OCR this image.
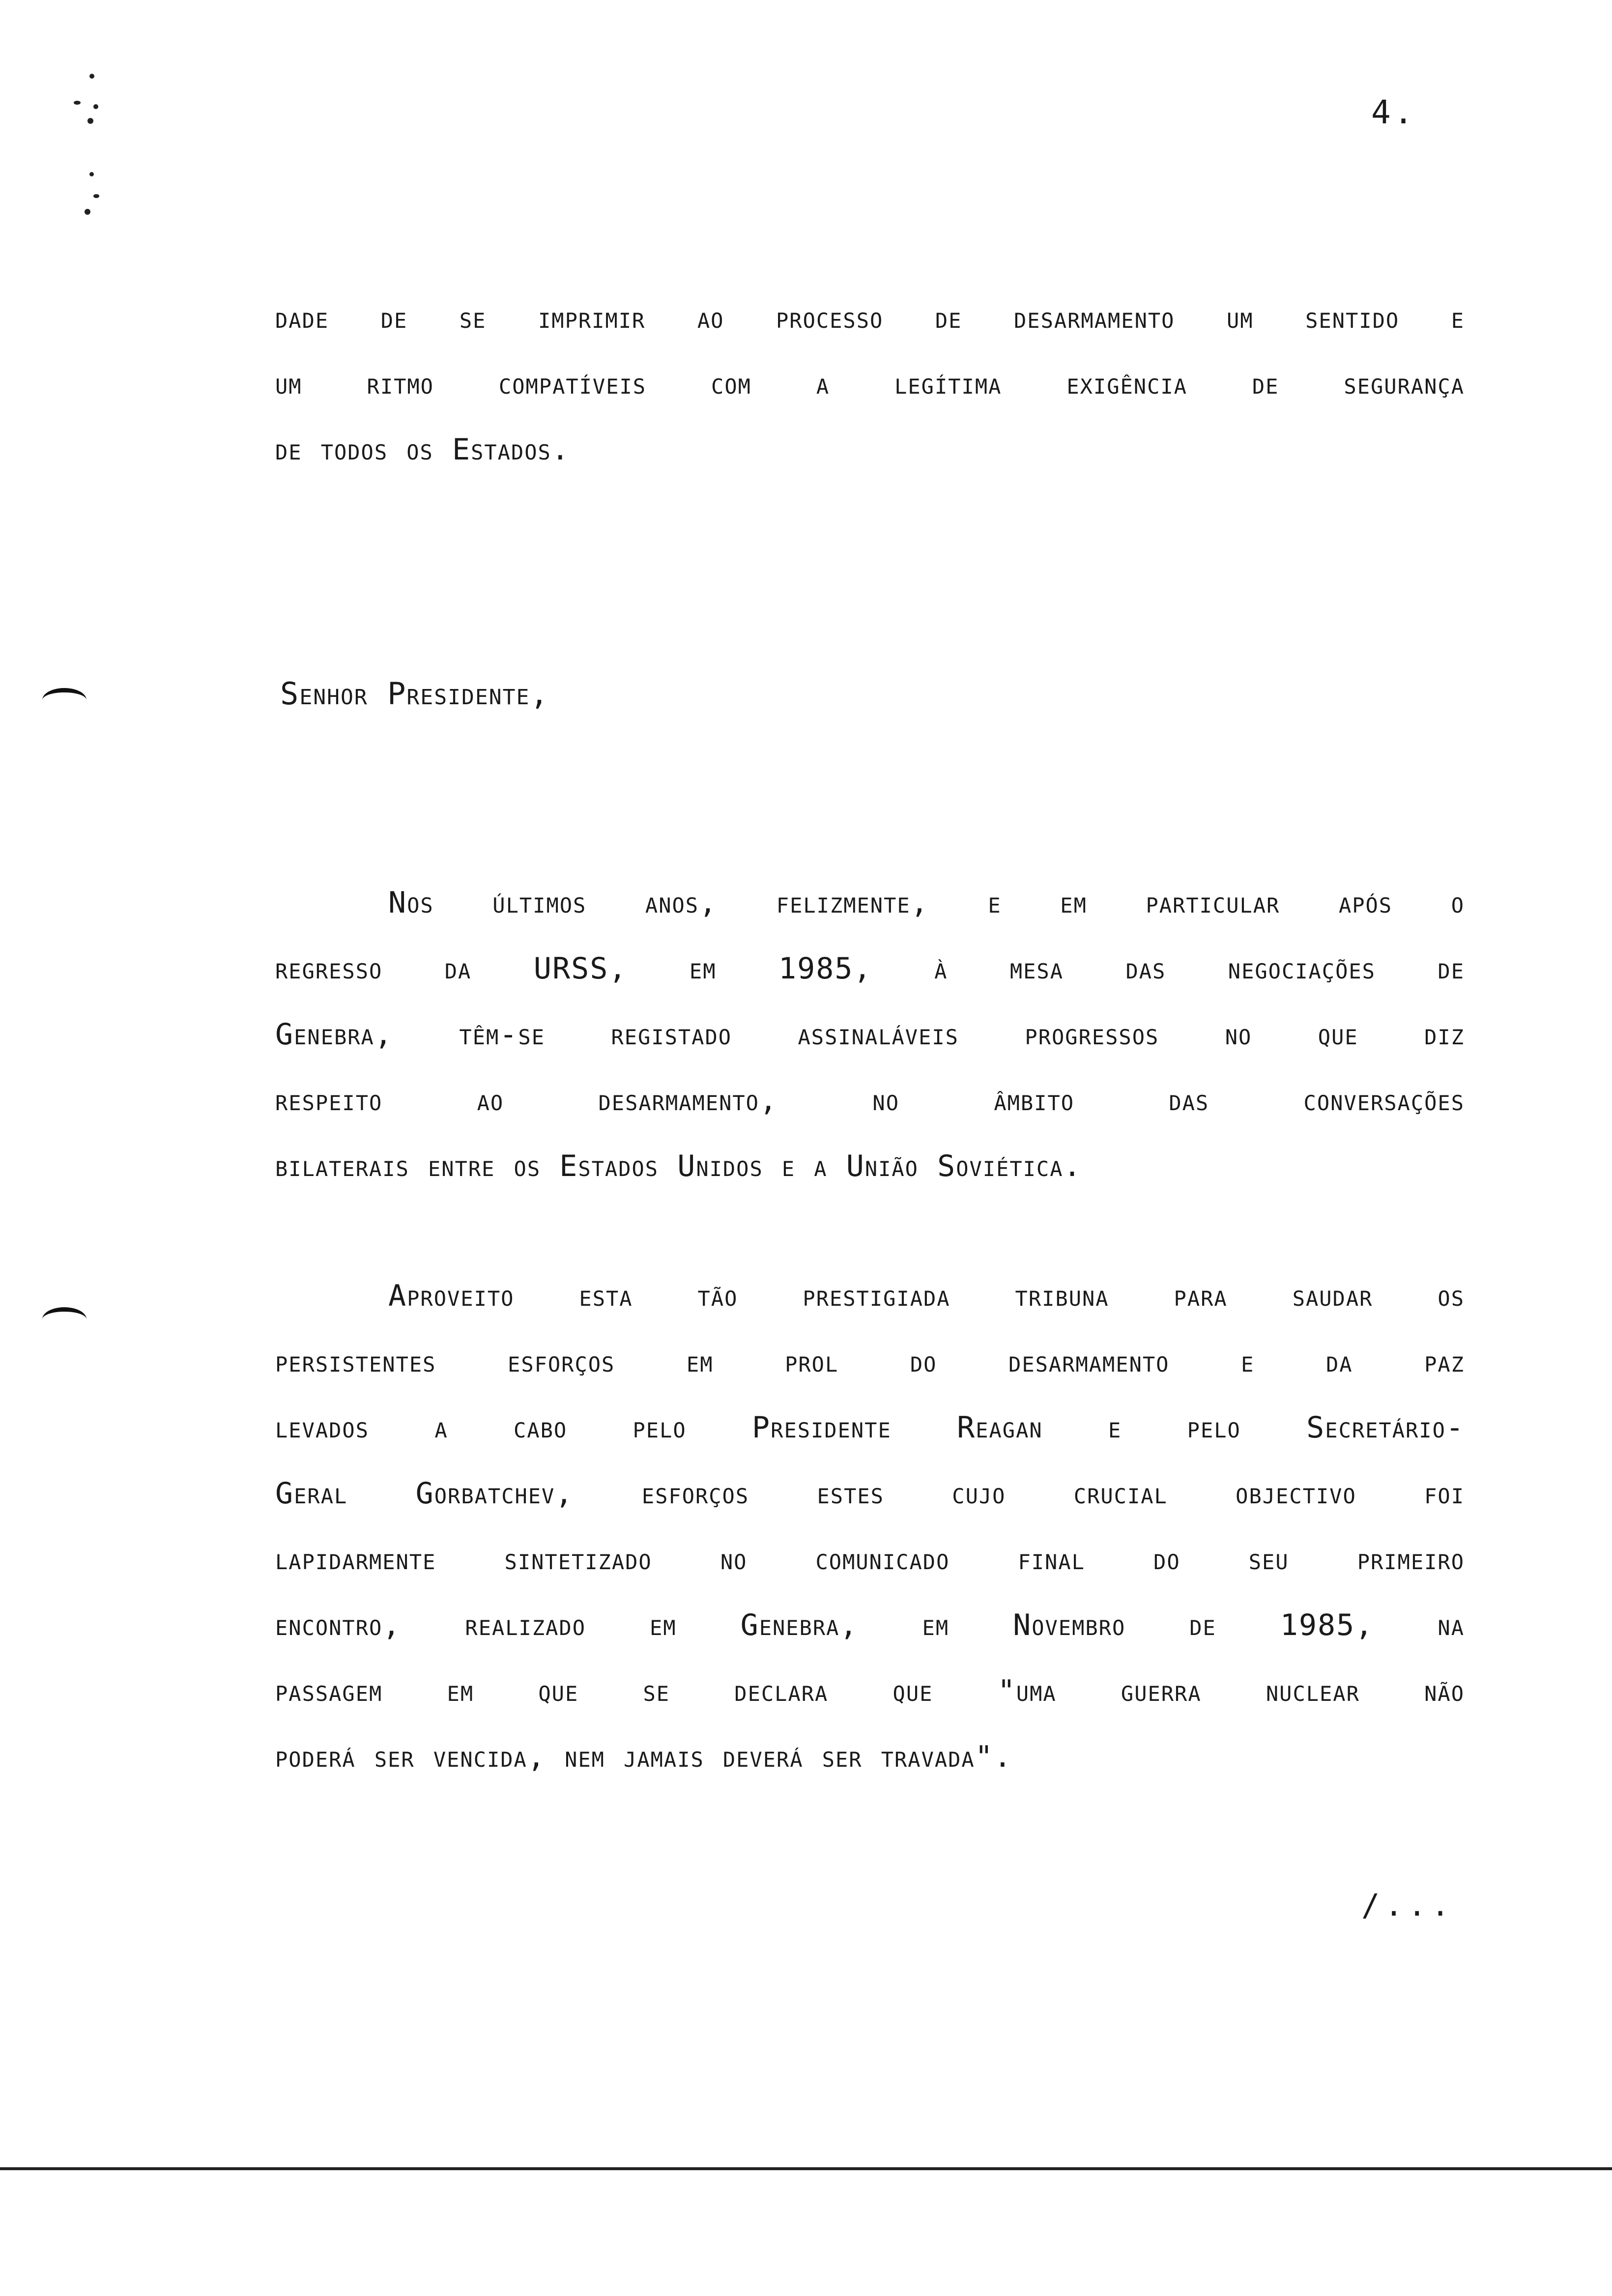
4.
dade de se imprimir ao processo de desarmamento um sentido e
um ritmo compatíveis com a legítima exigência de segurança
de todos os Estados.
Senhor Presidente,
Nos últimos anos, felizmente, e em particular após o
regresso da URSS, em 1985, à mesa das negociações de
Genebra, têm-se registado assinaláveis progressos no que diz
respeito ao desarmamento, no âmbito das conversações
bilaterais entre os Estados Unidos e a União Soviética.
Aproveito esta tão prestigiada tribuna para saudar os
persistentes esforços em prol do desarmamento e da paz
levados a cabo pelo Presidente Reagan e pelo Secretário-
Geral Gorbatchev, esforços estes cujo crucial objectivo foi
lapidarmente sintetizado no comunicado final do seu primeiro
encontro, realizado em Genebra, em Novembro de 1985, na
passagem em que se declara que "uma guerra nuclear não
poderá ser vencida, nem jamais deverá ser travada".
/...
